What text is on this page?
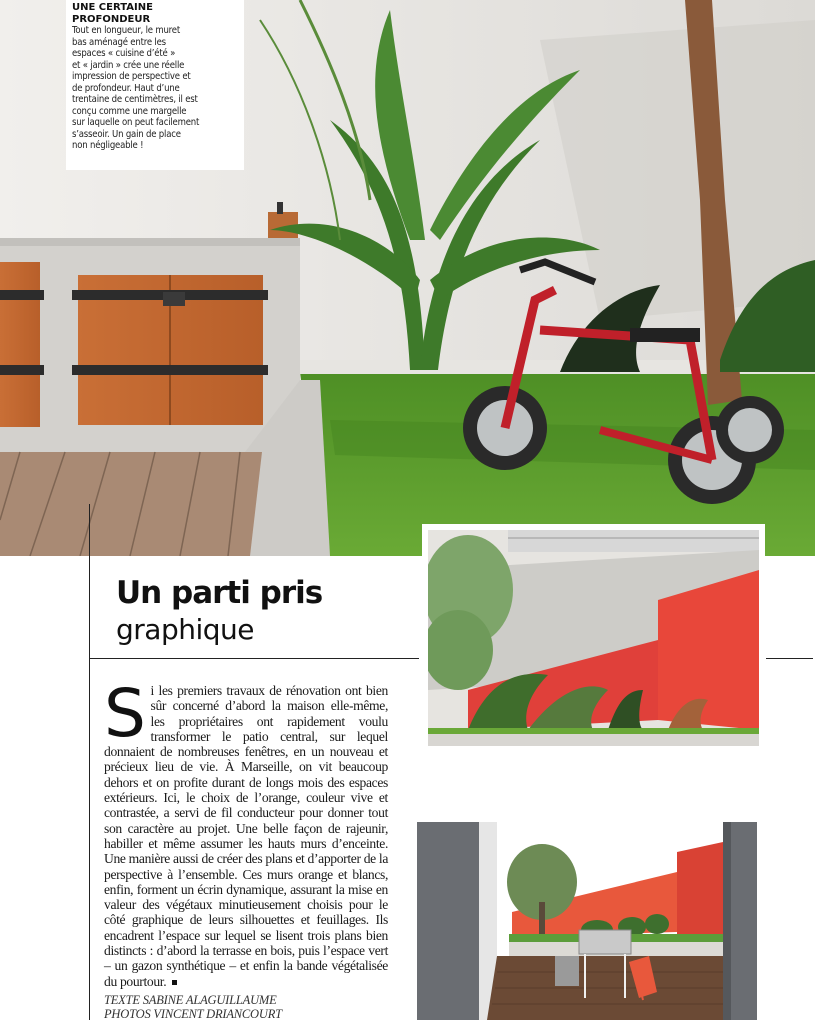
UNE CERTAINE
PROFONDEUR

Tout en longueur, le muret
bas aménagé entre les
espaces « cuisine d’été »
et « jardin » crée une réelle
impression de perspective et
de profondeur. Haut d’une
trentaine de centimètres, il est
conçu comme une margelle
sur laquelle on peut facilement
s’asseoir. Un gain de place
non négligeable !

Un parti pris
graphique

Si les premiers travaux de rénovation ont bien sûr concerné d’abord la maison elle-même, les propriétaires ont rapidement voulu transformer le patio central, sur lequel donnaient de nombreuses fenêtres, en un nouveau et précieux lieu de vie. À Marseille, on vit beaucoup dehors et on profite durant de longs mois des espaces extérieurs. Ici, le choix de l’orange, couleur vive et contrastée, a servi de fil conducteur pour donner tout son caractère au projet. Une belle façon de rajeunir, habiller et même assumer les hauts murs d’enceinte. Une manière aussi de créer des plans et d’apporter de la perspective à l’ensemble. Ces murs orange et blancs, enfin, forment un écrin dynamique, assurant la mise en valeur des végétaux minutieusement choisis pour le côté graphique de leurs silhouettes et feuillages. Ils encadrent l’espace sur lequel se lisent trois plans bien distincts : d’abord la terrasse en bois, puis l’espace vert – un gazon synthétique – et enfin la bande végétalisée du pourtour.

TEXTE SABINE ALAGUILLAUME
PHOTOS VINCENT DRIANCOURT
